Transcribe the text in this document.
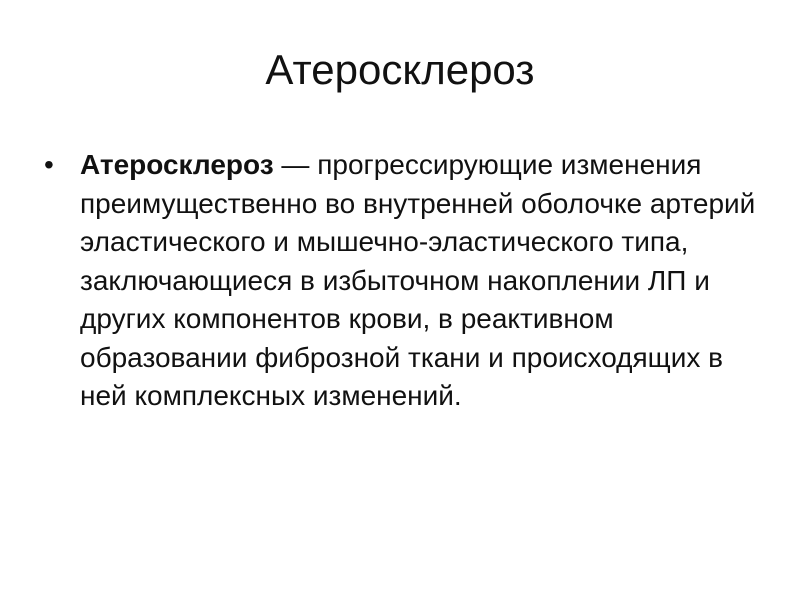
Атеросклероз
• Атеросклероз — прогрессирующие изменения преимущественно во внутренней оболочке артерий эластического и мышечно-эластического типа, заключающиеся в избыточном накоплении ЛП и других компонентов крови, в реактивном образовании фиброзной ткани и происходящих в ней комплексных изменений.
